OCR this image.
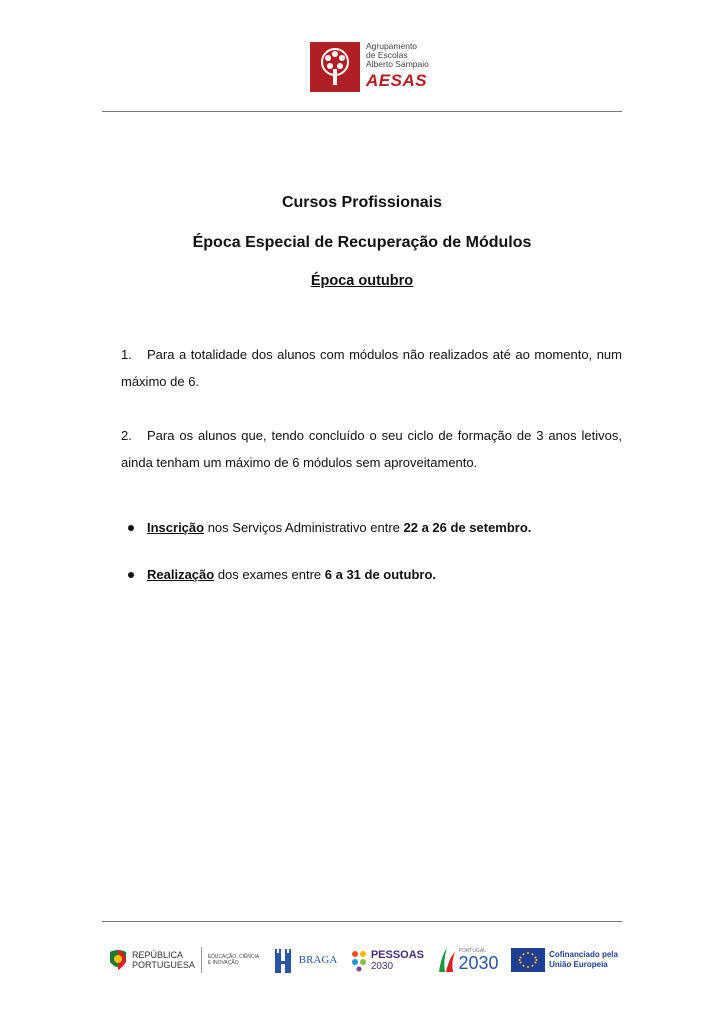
Agrupamento
de Escolas
Alberto Sampaio
AESAS
Cursos Profissionais
Época Especial de Recuperação de Módulos
Época outubro
1. Para a totalidade dos alunos com módulos não realizados até ao momento, num máximo de 6.
2. Para os alunos que, tendo concluído o seu ciclo de formação de 3 anos letivos, ainda tenham um máximo de 6 módulos sem aproveitamento.
Inscrição nos Serviços Administrativo entre 22 a 26 de setembro.
Realização dos exames entre 6 a 31 de outubro.
REPÚBLICA
PORTUGUESA
EDUCAÇÃO, CIÊNCIA
E INOVAÇÃO	BRAGA	PESSOAS
2030
PORTUGAL
2030	Cofinanciado pela
União Europeia
